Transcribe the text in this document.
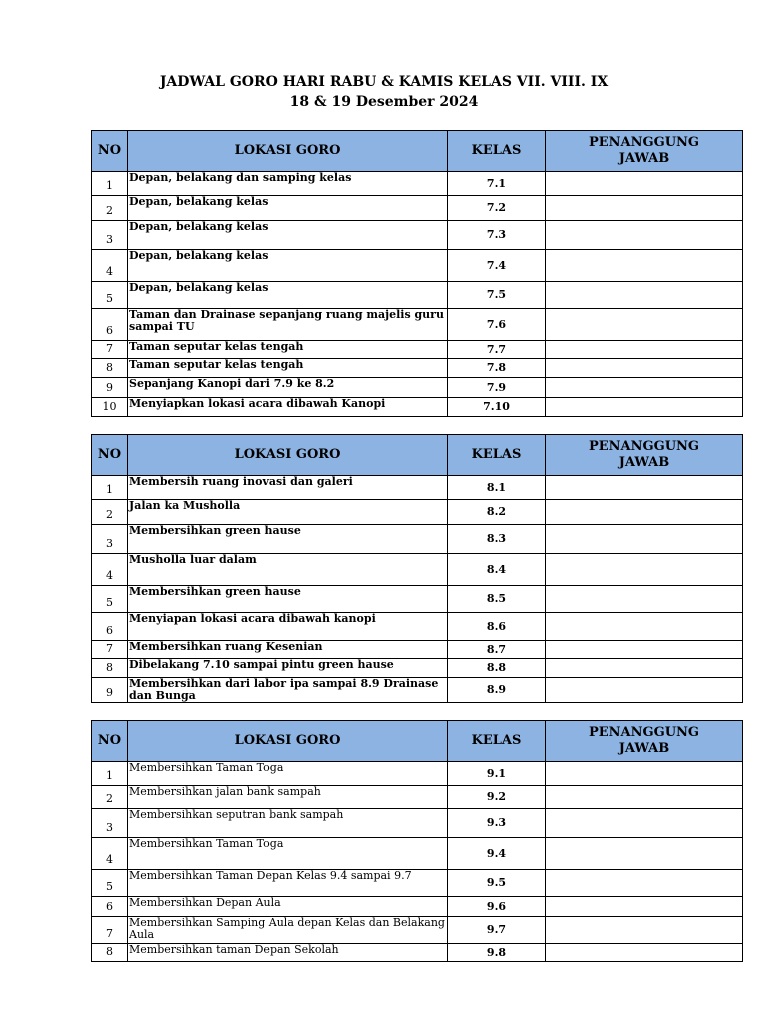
JADWAL GORO HARI RABU & KAMIS KELAS VII. VIII. IX
18 & 19 Desember 2024
NO	LOKASI GORO	KELAS	PENANGGUNG
JAWAB

1	Depan, belakang dan samping kelas	7.1	
2	Depan, belakang kelas	7.2	
3	Depan, belakang kelas	7.3	
4	Depan, belakang kelas	7.4	
5	Depan, belakang kelas	7.5	
6	Taman dan Drainase sepanjang ruang majelis guru sampai TU	7.6	
7	Taman seputar kelas tengah	7.7	
8	Taman seputar kelas tengah	7.8	
9	Sepanjang Kanopi dari 7.9 ke 8.2	7.9	
10	Menyiapkan lokasi acara dibawah Kanopi	7.10	
NO	LOKASI GORO	KELAS	PENANGGUNG
JAWAB

1	Membersih ruang inovasi dan galeri	8.1	
2	Jalan ka Musholla	8.2	
3	Membersihkan green hause	8.3	
4	Musholla luar dalam	8.4	
5	Membersihkan green hause	8.5	
6	Menyiapan lokasi acara dibawah kanopi	8.6	
7	Membersihkan ruang Kesenian	8.7	
8	Dibelakang 7.10 sampai pintu green hause	8.8	
9	Membersihkan dari labor ipa sampai 8.9 Drainase dan Bunga	8.9	
NO	LOKASI GORO	KELAS	PENANGGUNG
JAWAB

1	Membersihkan Taman Toga	9.1	
2	Membersihkan jalan bank sampah	9.2	
3	Membersihkan seputran bank sampah	9.3	
4	Membersihkan Taman Toga	9.4	
5	Membersihkan Taman Depan Kelas 9.4 sampai 9.7	9.5	
6	Membersihkan Depan Aula	9.6	
7	Membersihkan Samping Aula depan Kelas dan Belakang Aula	9.7	
8	Membersihkan taman Depan Sekolah	9.8	
